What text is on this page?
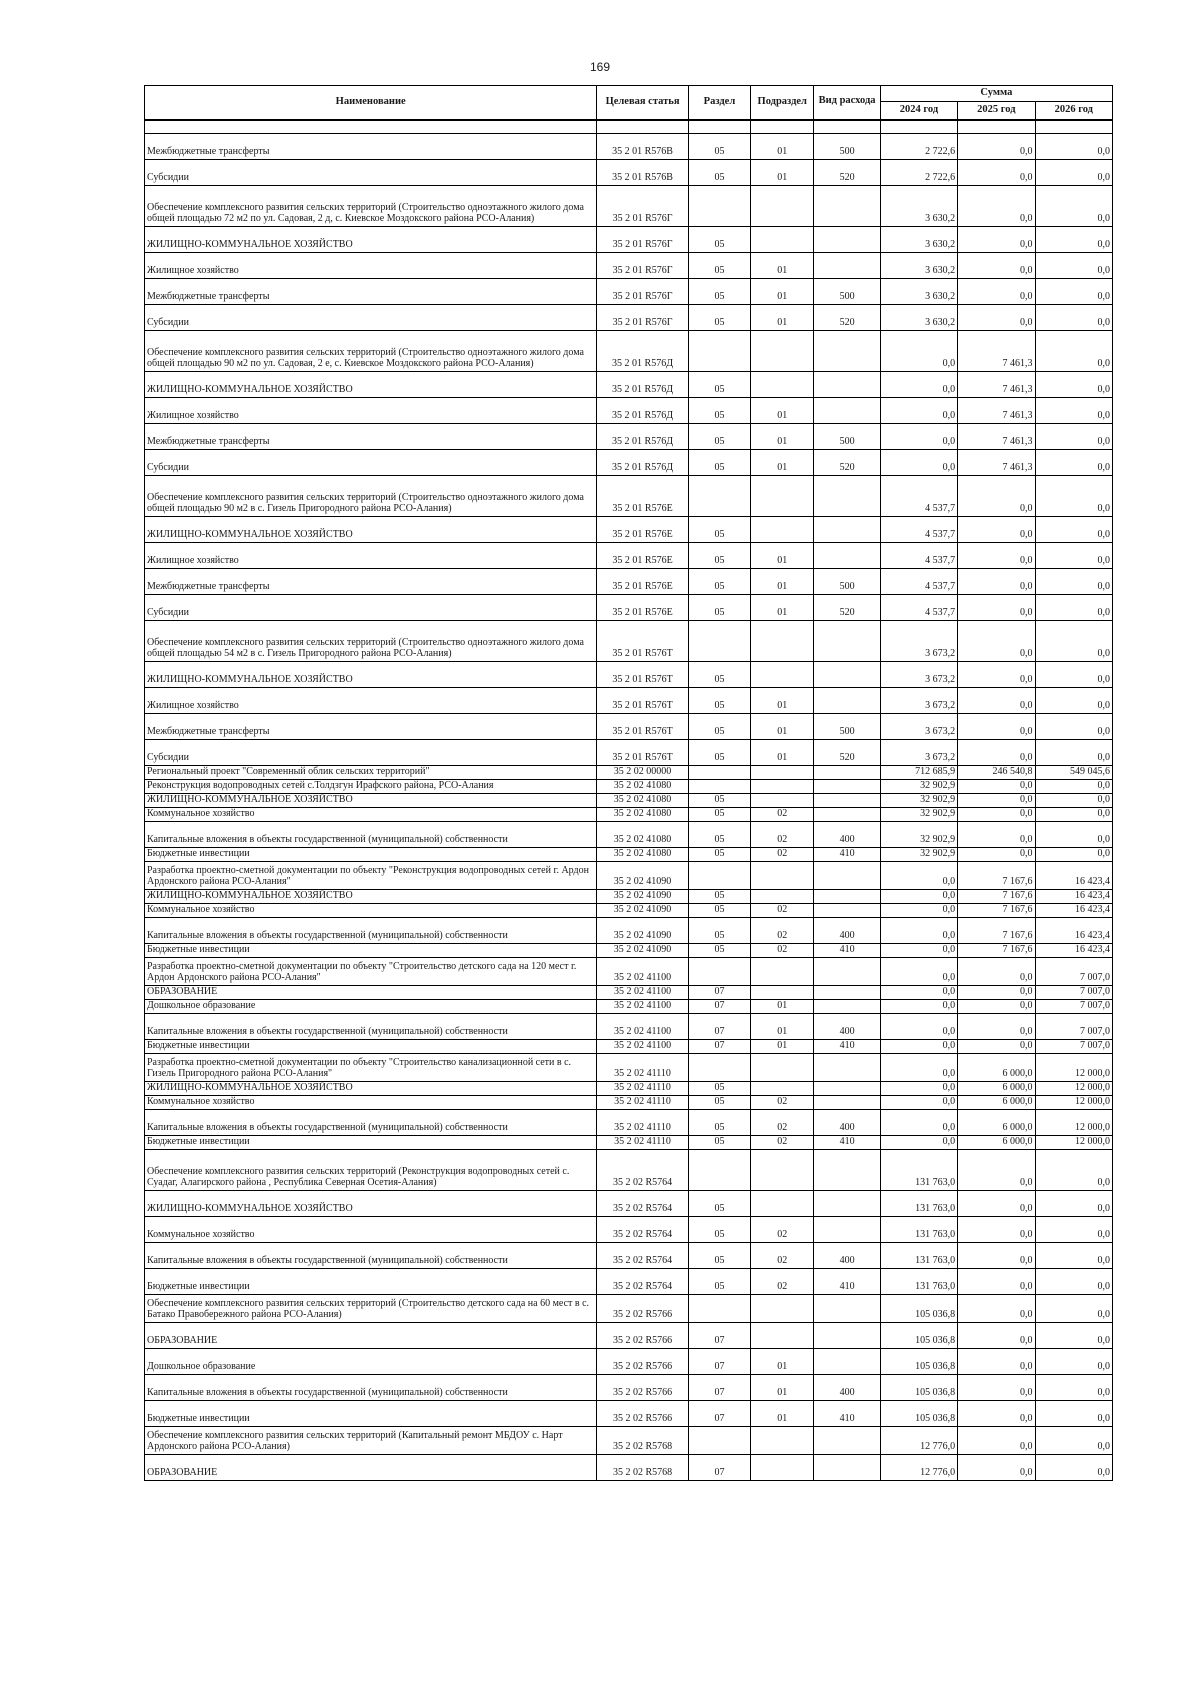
169
Наименование	Целевая статья	Раздел	Подраздел	Вид расхода	Сумма		
					2024 год	2025 год	2026 год

Межбюджетные трансферты	35 2 01 R576B	05	01	500	2 722,6	0,0	0,0
Субсидии	35 2 01 R576B	05	01	520	2 722,6	0,0	0,0
Обеспечение комплексного развития сельских территорий (Строительство одноэтажного жилого дома общей площадью 72 м2 по ул. Садовая, 2 д, с. Киевское Моздокского района РСО-Алания)	35 2 01 R576Г				3 630,2	0,0	0,0
ЖИЛИЩНО-КОММУНАЛЬНОЕ ХОЗЯЙСТВО	35 2 01 R576Г	05			3 630,2	0,0	0,0
Жилищное хозяйство	35 2 01 R576Г	05	01		3 630,2	0,0	0,0
Межбюджетные трансферты	35 2 01 R576Г	05	01	500	3 630,2	0,0	0,0
Субсидии	35 2 01 R576Г	05	01	520	3 630,2	0,0	0,0
Обеспечение комплексного развития сельских территорий (Строительство одноэтажного жилого дома общей площадью 90 м2 по ул. Садовая, 2 е, с. Киевское Моздокского района РСО-Алания)	35 2 01 R576Д				0,0	7 461,3	0,0
ЖИЛИЩНО-КОММУНАЛЬНОЕ ХОЗЯЙСТВО	35 2 01 R576Д	05			0,0	7 461,3	0,0
Жилищное хозяйство	35 2 01 R576Д	05	01		0,0	7 461,3	0,0
Межбюджетные трансферты	35 2 01 R576Д	05	01	500	0,0	7 461,3	0,0
Субсидии	35 2 01 R576Д	05	01	520	0,0	7 461,3	0,0
Обеспечение комплексного развития сельских территорий (Строительство одноэтажного жилого дома общей площадью 90 м2 в с. Гизель Пригородного района РСО-Алания)	35 2 01 R576E				4 537,7	0,0	0,0
ЖИЛИЩНО-КОММУНАЛЬНОЕ ХОЗЯЙСТВО	35 2 01 R576E	05			4 537,7	0,0	0,0
Жилищное хозяйство	35 2 01 R576E	05	01		4 537,7	0,0	0,0
Межбюджетные трансферты	35 2 01 R576E	05	01	500	4 537,7	0,0	0,0
Субсидии	35 2 01 R576E	05	01	520	4 537,7	0,0	0,0
Обеспечение комплексного развития сельских территорий (Строительство одноэтажного жилого дома общей площадью 54 м2 в с. Гизель Пригородного района РСО-Алания)	35 2 01 R576T				3 673,2	0,0	0,0
ЖИЛИЩНО-КОММУНАЛЬНОЕ ХОЗЯЙСТВО	35 2 01 R576T	05			3 673,2	0,0	0,0
Жилищное хозяйство	35 2 01 R576T	05	01		3 673,2	0,0	0,0
Межбюджетные трансферты	35 2 01 R576T	05	01	500	3 673,2	0,0	0,0
Субсидии	35 2 01 R576T	05	01	520	3 673,2	0,0	0,0
Региональный проект "Современный облик сельских территорий"	35 2 02 00000				712 685,9	246 540,8	549 045,6
Реконструкция водопроводных сетей с.Толдзгун Ирафского района, РСО-Алания	35 2 02 41080				32 902,9	0,0	0,0
ЖИЛИЩНО-КОММУНАЛЬНОЕ ХОЗЯЙСТВО	35 2 02 41080	05			32 902,9	0,0	0,0
Коммунальное хозяйство	35 2 02 41080	05	02		32 902,9	0,0	0,0
Капитальные вложения в объекты государственной (муниципальной) собственности	35 2 02 41080	05	02	400	32 902,9	0,0	0,0
Бюджетные инвестиции	35 2 02 41080	05	02	410	32 902,9	0,0	0,0
Разработка проектно-сметной документации по объекту "Реконструкция водопроводных сетей г. Ардон Ардонского района РСО-Алания"	35 2 02 41090				0,0	7 167,6	16 423,4
ЖИЛИЩНО-КОММУНАЛЬНОЕ ХОЗЯЙСТВО	35 2 02 41090	05			0,0	7 167,6	16 423,4
Коммунальное хозяйство	35 2 02 41090	05	02		0,0	7 167,6	16 423,4
Капитальные вложения в объекты государственной (муниципальной) собственности	35 2 02 41090	05	02	400	0,0	7 167,6	16 423,4
Бюджетные инвестиции	35 2 02 41090	05	02	410	0,0	7 167,6	16 423,4
Разработка проектно-сметной документации по объекту "Строительство детского сада на 120 мест г. Ардон Ардонского района РСО-Алания"	35 2 02 41100				0,0	0,0	7 007,0
ОБРАЗОВАНИЕ	35 2 02 41100	07			0,0	0,0	7 007,0
Дошкольное образование	35 2 02 41100	07	01		0,0	0,0	7 007,0
Капитальные вложения в объекты государственной (муниципальной) собственности	35 2 02 41100	07	01	400	0,0	0,0	7 007,0
Бюджетные инвестиции	35 2 02 41100	07	01	410	0,0	0,0	7 007,0
Разработка проектно-сметной документации по объекту "Строительство канализационной сети в с. Гизель Пригородного района РСО-Алания"	35 2 02 41110				0,0	6 000,0	12 000,0
ЖИЛИЩНО-КОММУНАЛЬНОЕ ХОЗЯЙСТВО	35 2 02 41110	05			0,0	6 000,0	12 000,0
Коммунальное хозяйство	35 2 02 41110	05	02		0,0	6 000,0	12 000,0
Капитальные вложения в объекты государственной (муниципальной) собственности	35 2 02 41110	05	02	400	0,0	6 000,0	12 000,0
Бюджетные инвестиции	35 2 02 41110	05	02	410	0,0	6 000,0	12 000,0
Обеспечение комплексного развития сельских территорий (Реконструкция водопроводных сетей с. Суадаг, Алагирского района , Республика Северная Осетия-Алания)	35 2 02 R5764				131 763,0	0,0	0,0
ЖИЛИЩНО-КОММУНАЛЬНОЕ ХОЗЯЙСТВО	35 2 02 R5764	05			131 763,0	0,0	0,0
Коммунальное хозяйство	35 2 02 R5764	05	02		131 763,0	0,0	0,0
Капитальные вложения в объекты государственной (муниципальной) собственности	35 2 02 R5764	05	02	400	131 763,0	0,0	0,0
Бюджетные инвестиции	35 2 02 R5764	05	02	410	131 763,0	0,0	0,0
Обеспечение комплексного развития сельских территорий (Строительство детского сада на 60 мест в с. Батако Правобережного района РСО-Алания)	35 2 02 R5766				105 036,8	0,0	0,0
ОБРАЗОВАНИЕ	35 2 02 R5766	07			105 036,8	0,0	0,0
Дошкольное образование	35 2 02 R5766	07	01		105 036,8	0,0	0,0
Капитальные вложения в объекты государственной (муниципальной) собственности	35 2 02 R5766	07	01	400	105 036,8	0,0	0,0
Бюджетные инвестиции	35 2 02 R5766	07	01	410	105 036,8	0,0	0,0
Обеспечение комплексного развития сельских территорий (Капитальный ремонт МБДОУ с. Нарт Ардонского района РСО-Алания)	35 2 02 R5768				12 776,0	0,0	0,0
ОБРАЗОВАНИЕ	35 2 02 R5768	07			12 776,0	0,0	0,0
